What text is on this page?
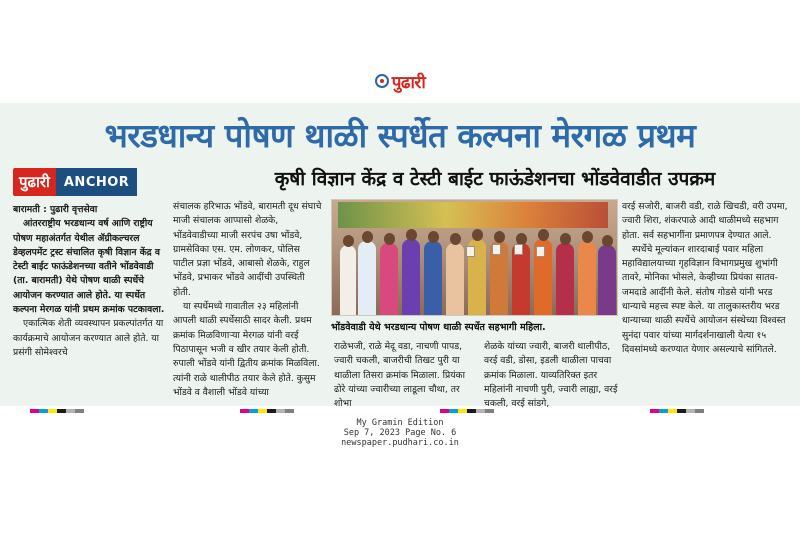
पुढारी
भरडधान्य पोषण थाळी स्पर्धेत कल्पना मेरगळ प्रथम
पुढारी	ANCHOR	कृषी विज्ञान केंद्र व टेस्टी बाईट फाऊंडेशनचा भोंडवेवाडीत उपक्रम

बारामती : पुढारी वृत्तसेवा

आंतरराष्ट्रीय भरडधान्य वर्ष आणि राष्ट्रीय पोषण महाअंतर्गत येथील ॲग्रीकल्चरल डेव्हलपमेंट ट्रस्ट संचालित कृषी विज्ञान केंद्र व टेस्टी बाईट फाऊंडेशनच्या वतीने भोंडवेवाडी (ता. बारामती) येथे पोषण थाळी स्पर्धेचे आयोजन करण्यात आले होते. या स्पर्धेत कल्पना मेरगळ यांनी प्रथम क्रमांक पटकावला.

एकात्मिक शेती व्यवस्थापन प्रकल्पांतर्गत या कार्यक्रमाचे आयोजन करण्यात आले होते. या प्रसंगी सोमेश्वरचे

संचालक हरिभाऊ भोंडवे, बारामती दूध संघाचे माजी संचालक आप्पासो शेळके, भोंडवेवाडीच्या माजी सरपंच उषा भोंडवे, ग्रामसेविका एस. एम. लोणकर, पोलिस पाटील प्रज्ञा भोंडवे, आबासो शेळके, राहुल भोंडवे, प्रभाकर भोंडवे आदींची उपस्थिती होती.

या स्पर्धेमध्ये गावातील २३ महिलांनी आपली थाळी स्पर्धेसाठी सादर केली. प्रथम क्रमांक मिळविणाऱ्या मेरगळ यांनी वरई पिठापासून भजी व खीर तयार केली होती. रुपाली भोंडवे यांनी द्वितीय क्रमांक मिळविला. त्यांनी राळे थालीपीठ तयार केले होते. कुसुम भोंडवे व वैशाली भोंडवे यांच्या

भोंडवेवाडी येथे भरडधान्य पोषण थाळी स्पर्धेत सहभागी महिला.

राळेभजी, राळे मेदू वडा, नाचणी पापड, ज्वारी चकली, बाजरीची तिखट पुरी या थाळीला तिसरा क्रमांक मिळाला. प्रियंका ढोरे यांच्या ज्वारीच्या लाडूला चौथा, तर शोभा

शेळके यांच्या ज्वारी, बाजरी थालीपीठ, वरई वडी, डोसा, इडली थाळीला पाचवा क्रमांक मिळाला. याव्यतिरिक्त इतर महिलांनी नाचणी पुरी, ज्वारी लाह्या, वरई चकली, वरई सांडगे,

वरई सजोरी, बाजरी वडी, राळे खिचडी, वरी उपमा, ज्वारी शिरा, शंकरपाळे आदी थाळीमध्ये सहभाग होता. सर्व सहभागींना प्रमाणपत्र देण्यात आले.

स्पर्धेचे मूल्यांकन शारदाबाई पवार महिला महाविद्यालयाच्या गृहविज्ञान विभागप्रमुख शुभांगी तावरे, मोनिका भोसले, केव्हीच्या प्रियंका सातव-जमदाडे आदींनी केले. संतोष गोडसे यांनी भरड धान्याचे महत्त्व स्पष्ट केले. या तालुकास्तरीय भरड धान्याच्या थाळी स्पर्धेचे आयोजन संस्थेच्या विश्वस्त सुनंदा पवार यांच्या मार्गदर्शनाखाली येत्या १५ दिवसांमध्ये करण्यात येणार असल्याचे सांगितले.

My Gramin Edition
Sep 7, 2023 Page No. 6
newspaper.pudhari.co.in
